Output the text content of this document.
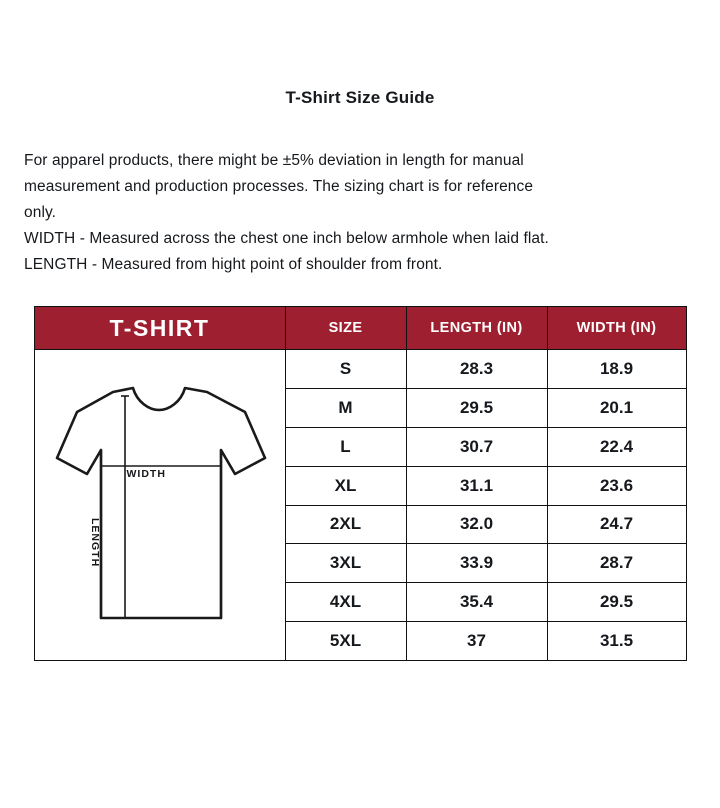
T-Shirt Size Guide

For apparel products, there might be ±5% deviation in length for manual

measurement and production processes. The sizing chart is for reference

only.

WIDTH - Measured across the chest one inch below armhole when laid flat.

LENGTH - Measured from hight point of shoulder from front.

T-SHIRT	SIZE	LENGTH (IN)	WIDTH (IN)

WIDTH
LENGTH	S	28.3	18.9
	M	29.5	20.1
	L	30.7	22.4
	XL	31.1	23.6
	2XL	32.0	24.7
	3XL	33.9	28.7
	4XL	35.4	29.5
	5XL	37	31.5
